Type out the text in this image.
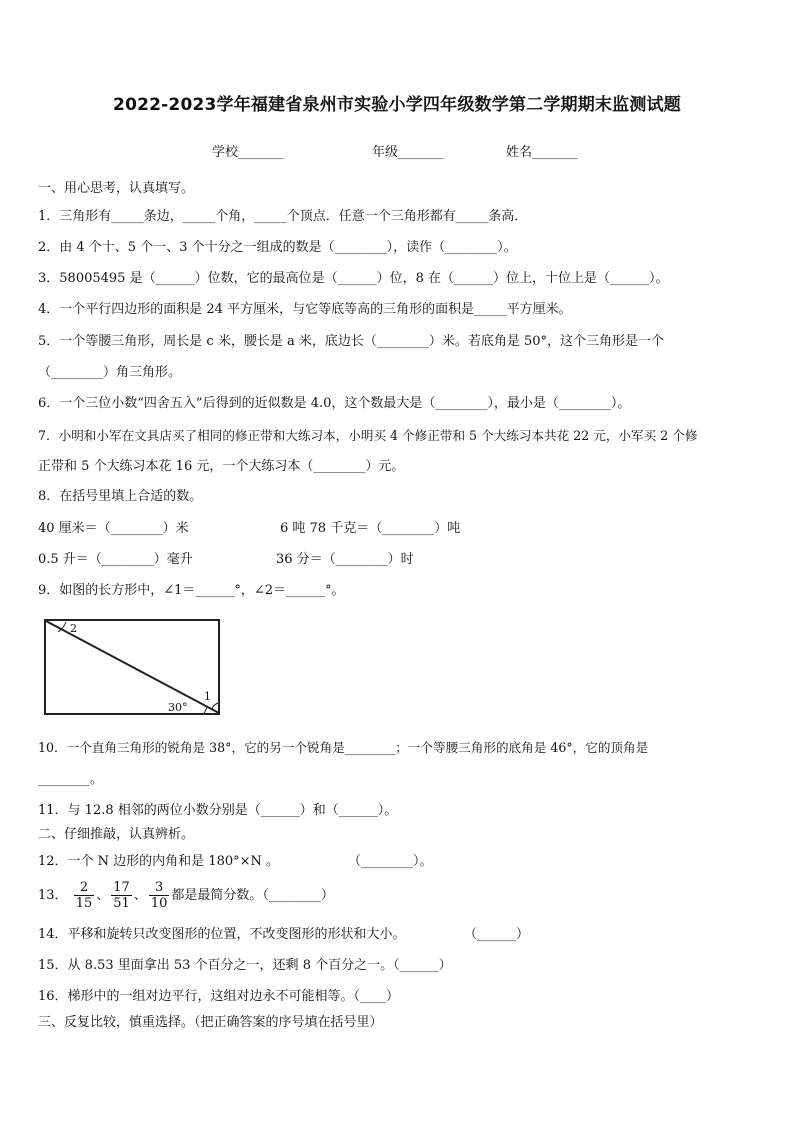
2022-2023学年福建省泉州市实验小学四年级数学第二学期期末监测试题
学校_______	年级_______	姓名_______
一、用心思考，认真填写。
1．三角形有_____条边，_____个角，_____个顶点．任意一个三角形都有_____条高．
2．由 4 个十、5 个一、3 个十分之一组成的数是（________），读作（________）。
3．58005495 是（______）位数，它的最高位是（______）位，8 在（______）位上，十位上是（______）。
4．一个平行四边形的面积是 24 平方厘米，与它等底等高的三角形的面积是_____平方厘米。
5．一个等腰三角形，周长是 c 米，腰长是 a 米，底边长（________）米。若底角是 50°，这个三角形是一个
（________）角三角形。
6．一个三位小数“四舍五入”后得到的近似数是 4.0，这个数最大是（________），最小是（________）。
7．小明和小军在文具店买了相同的修正带和大练习本，小明买 4 个修正带和 5 个大练习本共花 22 元，小军买 2 个修
正带和 5 个大练习本花 16 元，一个大练习本（________）元。
8．在括号里填上合适的数。
40 厘米＝（________）米	6 吨 78 千克＝（________）吨
0.5 升＝（________）毫升	36 分＝（________）时
9．如图的长方形中，∠1＝______°，∠2＝______°。
2
1
30°
10．一个直角三角形的锐角是 38°，它的另一个锐角是________；一个等腰三角形的底角是 46°，它的顶角是
________。
11．与 12.8 相邻的两位小数分别是（______）和（______）。
二、仔细推敲，认真辨析。
12．一个 N 边形的内角和是 180°×N 。	（________）。
13． $\frac{2}{15}$ 、 $\frac{17}{51}$ 、 $\frac{3}{10}$ 都是最简分数。（________）
14．平移和旋转只改变图形的位置，不改变图形的形状和大小。	（______）
15．从 8.53 里面拿出 53 个百分之一，还剩 8 个百分之一。（______）
16．梯形中的一组对边平行，这组对边永不可能相等。（____）
三、反复比较，慎重选择。（把正确答案的序号填在括号里）
